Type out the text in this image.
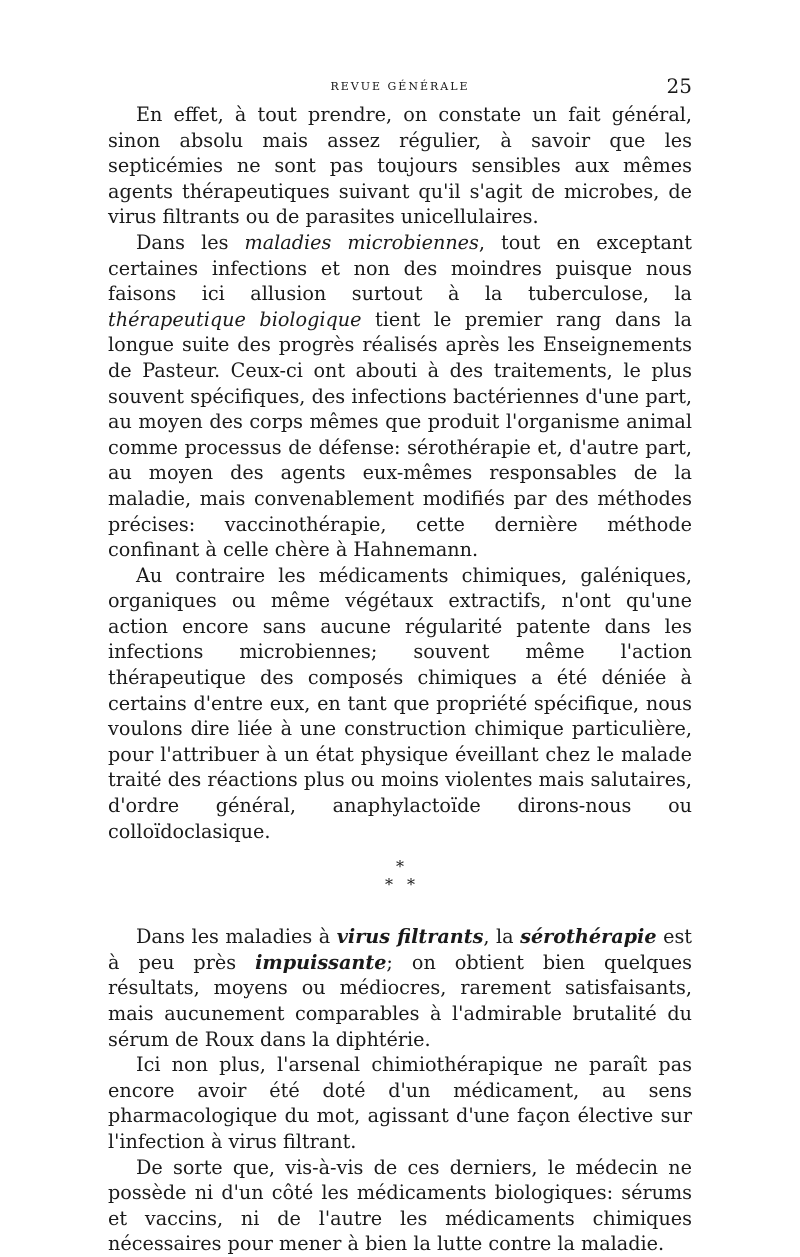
REVUE GÉNÉRALE	25

En effet, à tout prendre, on constate un fait général, sinon absolu mais assez régulier, à savoir que les septicémies ne sont pas toujours sensibles aux mêmes agents thérapeutiques suivant qu'il s'agit de microbes, de virus filtrants ou de parasites unicellulaires.

Dans les maladies microbiennes, tout en exceptant certaines infections et non des moindres puisque nous faisons ici allusion surtout à la tuberculose, la thérapeutique biologique tient le premier rang dans la longue suite des progrès réalisés après les Enseignements de Pasteur. Ceux-ci ont abouti à des traitements, le plus souvent spécifiques, des infections bactériennes d'une part, au moyen des corps mêmes que produit l'organisme animal comme processus de défense: sérothérapie et, d'autre part, au moyen des agents eux-mêmes responsables de la maladie, mais convenablement modifiés par des méthodes précises: vaccinothérapie, cette dernière méthode confinant à celle chère à Hahnemann.

Au contraire les médicaments chimiques, galéniques, organiques ou même végétaux extractifs, n'ont qu'une action encore sans aucune régularité patente dans les infections microbiennes; souvent même l'action thérapeutique des composés chimiques a été déniée à certains d'entre eux, en tant que propriété spécifique, nous voulons dire liée à une construction chimique particulière, pour l'attribuer à un état physique éveillant chez le malade traité des réactions plus ou moins violentes mais salutaires, d'ordre général, anaphylactoïde dirons-nous ou colloïdoclasique.

*
**

Dans les maladies à virus filtrants, la sérothérapie est à peu près impuissante; on obtient bien quelques résultats, moyens ou médiocres, rarement satisfaisants, mais aucunement comparables à l'admirable brutalité du sérum de Roux dans la diphtérie.

Ici non plus, l'arsenal chimiothérapique ne paraît pas encore avoir été doté d'un médicament, au sens pharmacologique du mot, agissant d'une façon élective sur l'infection à virus filtrant.

De sorte que, vis-à-vis de ces derniers, le médecin ne possède ni d'un côté les médicaments biologiques: sérums et vaccins, ni de l'autre les médicaments chimiques nécessaires pour mener à bien la lutte contre la maladie.
